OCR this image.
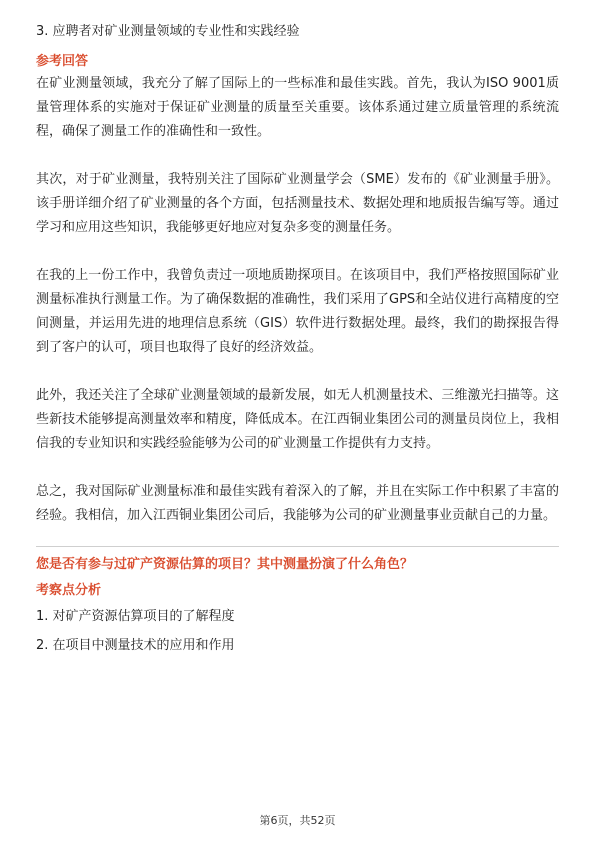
3. 应聘者对矿业测量领域的专业性和实践经验

参考回答

在矿业测量领域，我充分了解了国际上的一些标准和最佳实践。首先，我认为ISO 9001质量管理体系的实施对于保证矿业测量的质量至关重要。该体系通过建立质量管理的系统流程，确保了测量工作的准确性和一致性。

其次，对于矿业测量，我特别关注了国际矿业测量学会（SME）发布的《矿业测量手册》。该手册详细介绍了矿业测量的各个方面，包括测量技术、数据处理和地质报告编写等。通过学习和应用这些知识，我能够更好地应对复杂多变的测量任务。

在我的上一份工作中，我曾负责过一项地质勘探项目。在该项目中，我们严格按照国际矿业测量标准执行测量工作。为了确保数据的准确性，我们采用了GPS和全站仪进行高精度的空间测量，并运用先进的地理信息系统（GIS）软件进行数据处理。最终，我们的勘探报告得到了客户的认可，项目也取得了良好的经济效益。

此外，我还关注了全球矿业测量领域的最新发展，如无人机测量技术、三维激光扫描等。这些新技术能够提高测量效率和精度，降低成本。在江西铜业集团公司的测量员岗位上，我相信我的专业知识和实践经验能够为公司的矿业测量工作提供有力支持。

总之，我对国际矿业测量标准和最佳实践有着深入的了解，并且在实际工作中积累了丰富的经验。我相信，加入江西铜业集团公司后，我能够为公司的矿业测量事业贡献自己的力量。

您是否有参与过矿产资源估算的项目？其中测量扮演了什么角色？

考察点分析

1. 对矿产资源估算项目的了解程度

2. 在项目中测量技术的应用和作用

第6页，共52页
